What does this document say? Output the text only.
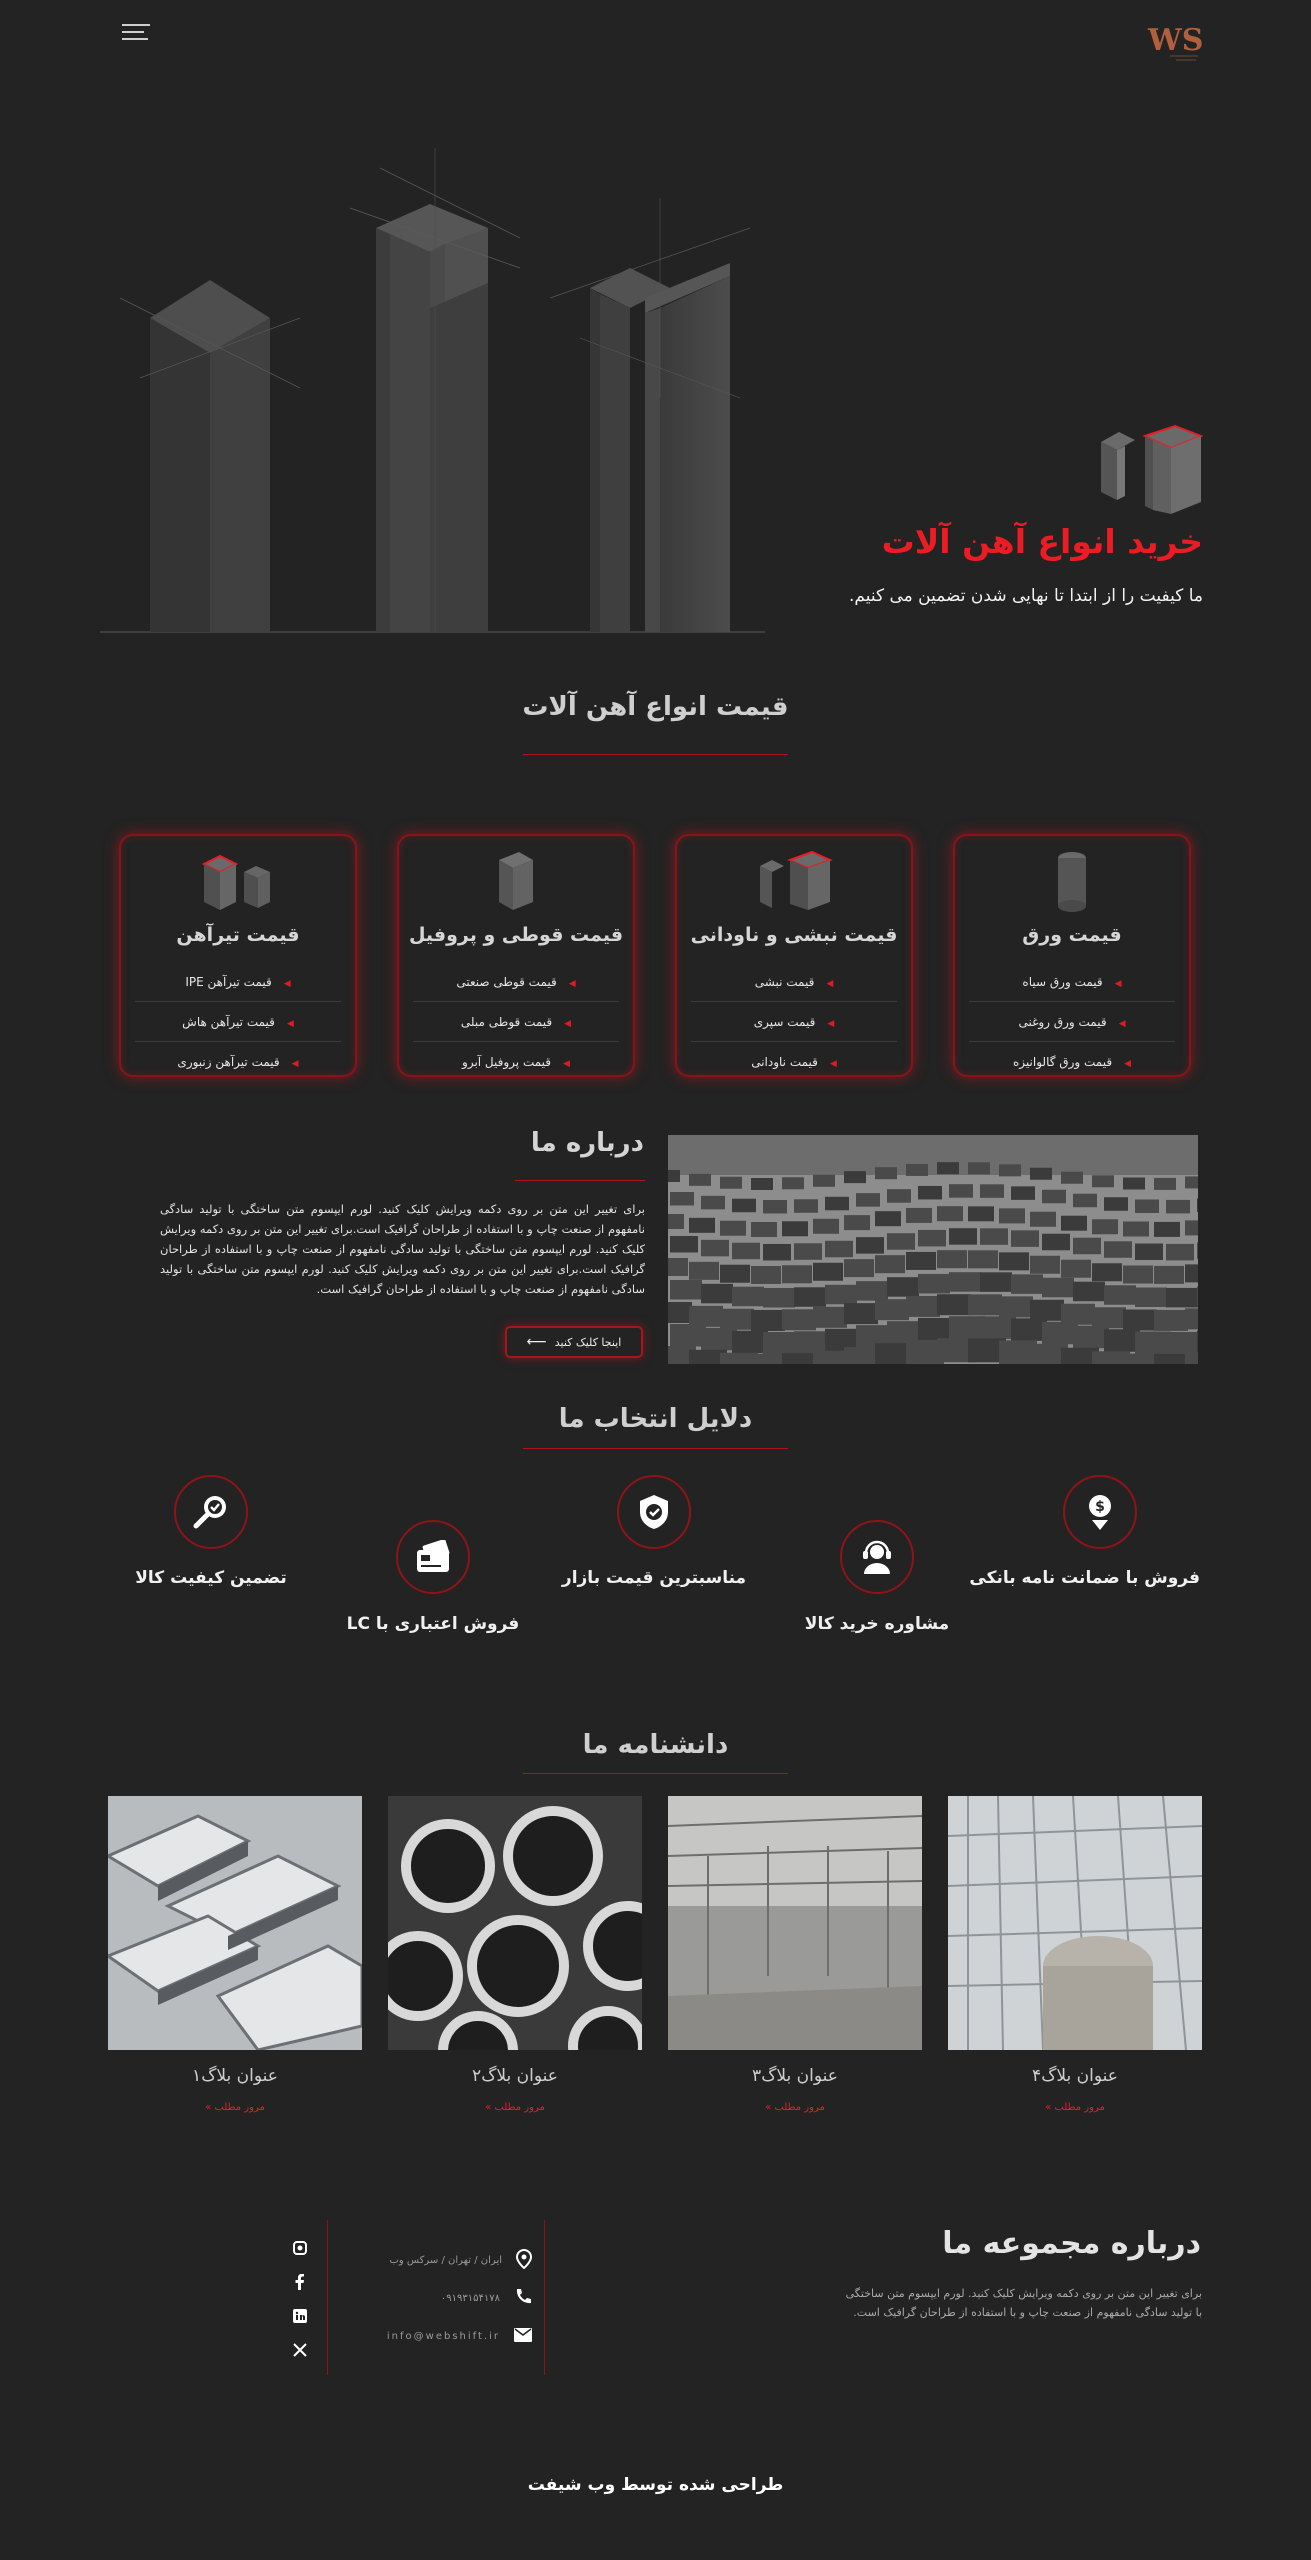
WS
خرید انواع آهن آلات
ما کیفیت را از ابتدا تا نهایی شدن تضمین می کنیم.
قیمت انواع آهن آلات
قیمت ورق
◀قیمت ورق سیاه
◀قیمت ورق روغنی
◀قیمت ورق گالوانیزه
قیمت نبشی و ناودانی
◀قیمت نبشی
◀قیمت سپری
◀قیمت ناودانی
قیمت قوطی و پروفیل
◀قیمت قوطی صنعتی
◀قیمت قوطی مبلی
◀قیمت پروفیل آبرو
قیمت تیرآهن
◀قیمت تیرآهن IPE
◀قیمت تیرآهن هاش
◀قیمت تیرآهن زنبوری
درباره ما
برای تغییر این متن بر روی دکمه ویرایش کلیک کنید. لورم ایپسوم متن ساختگی با تولید سادگی نامفهوم از صنعت چاپ و با استفاده از طراحان گرافیک است.برای تغییر این متن بر روی دکمه ویرایش کلیک کنید. لورم ایپسوم متن ساختگی با تولید سادگی نامفهوم از صنعت چاپ و با استفاده از طراحان گرافیک است.برای تغییر این متن بر روی دکمه ویرایش کلیک کنید. لورم ایپسوم متن ساختگی با تولید سادگی نامفهوم از صنعت چاپ و با استفاده از طراحان گرافیک است.
اینجا کلیک کنید
⟵
دلایل انتخاب ما
$
فروش با ضمانت نامه بانکی
مشاوره خرید کالا
مناسبترین قیمت بازار
فروش اعتباری با LC
تضمین کیفیت کالا
دانشنامه ما
عنوان بلاگ۴
مرور مطلب »
عنوان بلاگ۳
مرور مطلب »
عنوان بلاگ۲
مرور مطلب »
عنوان بلاگ۱
مرور مطلب »
درباره مجموعه ما
برای تغییر این متن بر روی دکمه ویرایش کلیک کنید. لورم ایپسوم متن ساختگی با تولید سادگی نامفهوم از صنعت چاپ و با استفاده از طراحان گرافیک است.
ایران / تهران / سرکس وب
۰۹۱۹۳۱۵۴۱۷۸
info@webshift.ir
طراحی شده توسط وب شیفت
